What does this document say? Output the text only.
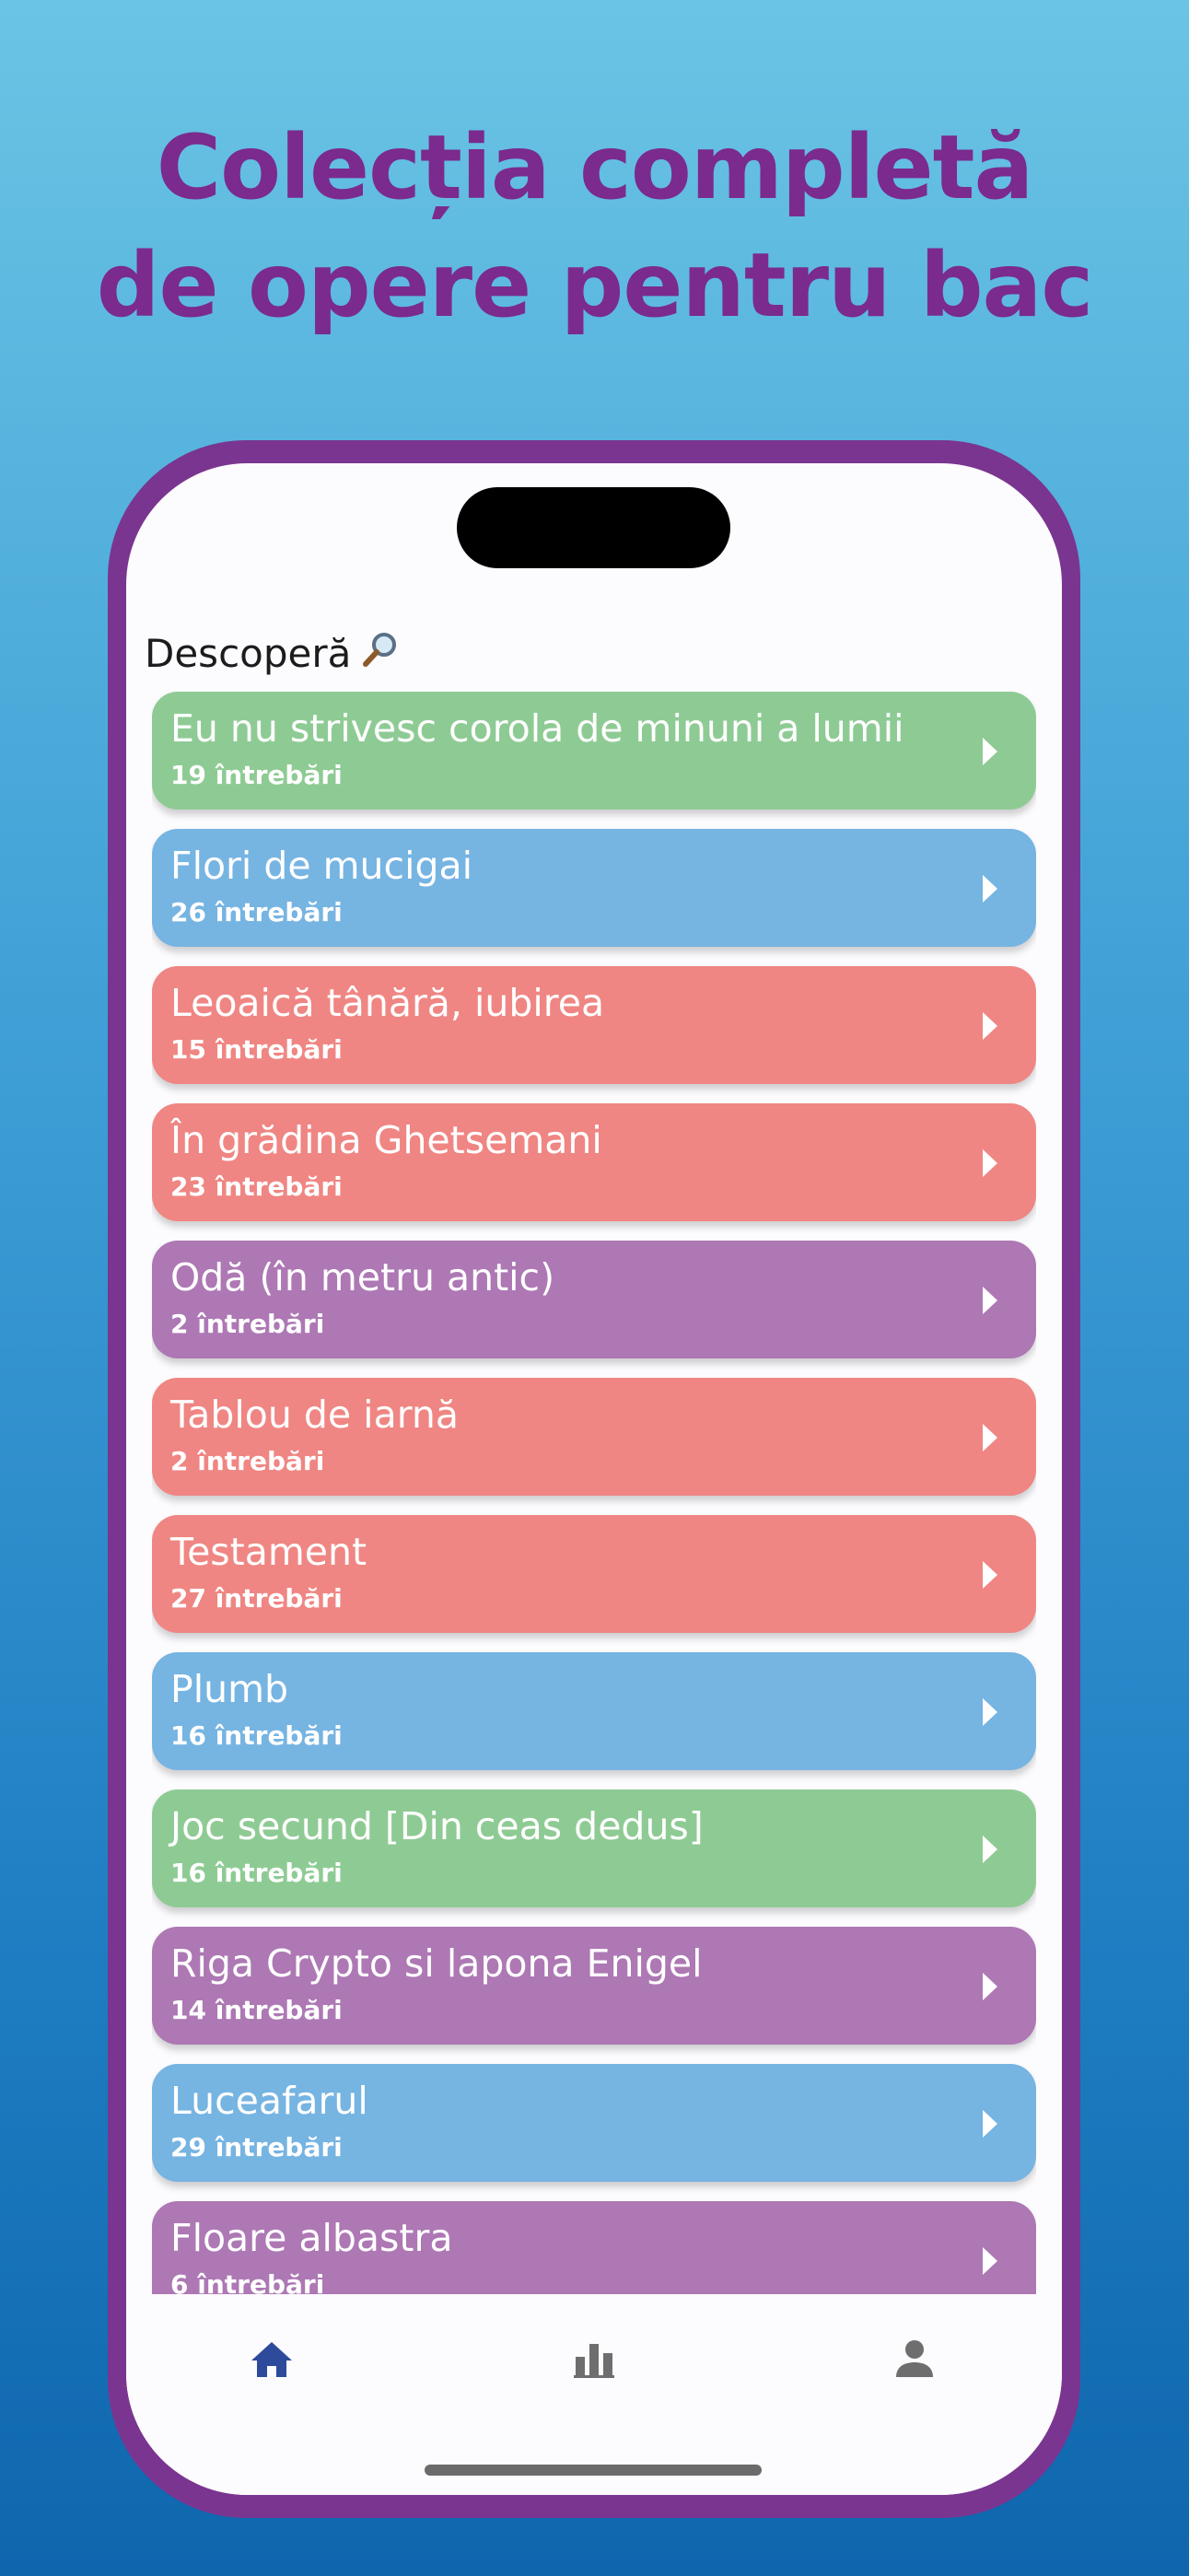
Colecția completă
de opere pentru bac
Descoperă
Eu nu strivesc corola de minuni a lumii
19 întrebări
Flori de mucigai
26 întrebări
Leoaică tânără, iubirea
15 întrebări
În grădina Ghetsemani
23 întrebări
Odă (în metru antic)
2 întrebări
Tablou de iarnă
2 întrebări
Testament
27 întrebări
Plumb
16 întrebări
Joc secund [Din ceas dedus]
16 întrebări
Riga Crypto si lapona Enigel
14 întrebări
Luceafarul
29 întrebări
Floare albastra
6 întrebări
